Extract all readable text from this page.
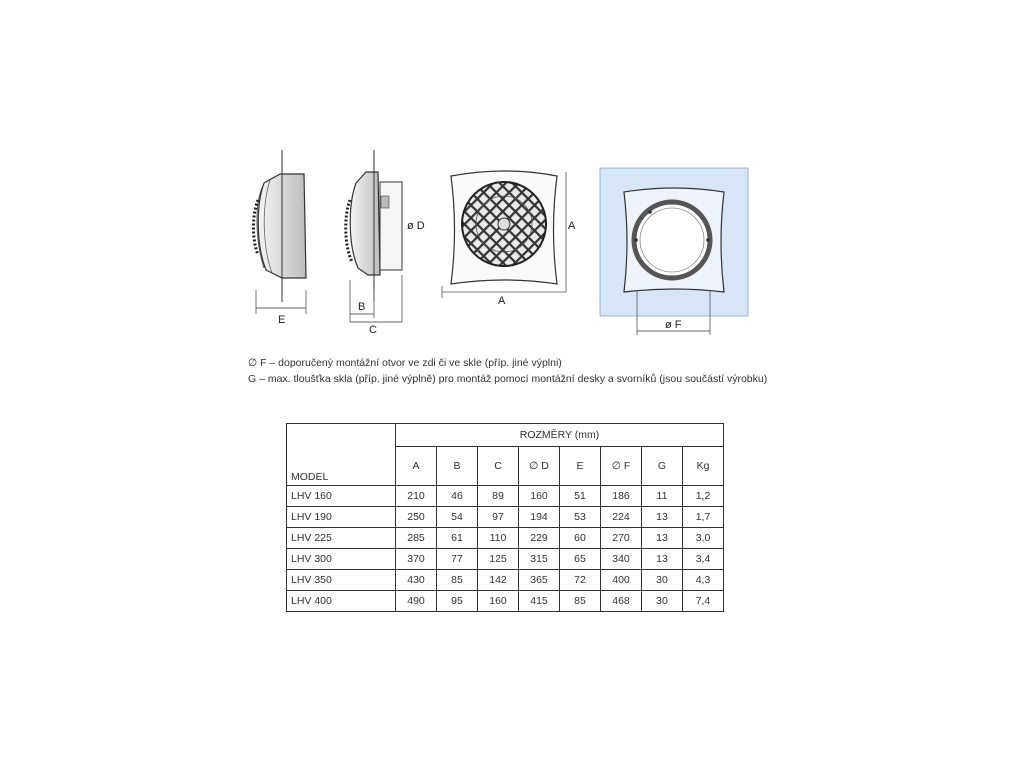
E
ø D
B
C
A
A
ø F
∅ F – doporučený montážní otvor ve zdi či ve skle (příp. jiné výplni)
G – max. tloušťka skla (příp. jiné výplně) pro montáž pomocí montážní desky a svorníků (jsou součástí výrobku)
MODEL	ROZMĚRY (mm)							
	A	B	C	∅ D	E	∅ F	G	Kg
LHV 160	210	46	89	160	51	186	11	1,2
LHV 190	250	54	97	194	53	224	13	1,7
LHV 225	285	61	110	229	60	270	13	3,0
LHV 300	370	77	125	315	65	340	13	3,4
LHV 350	430	85	142	365	72	400	30	4,3
LHV 400	490	95	160	415	85	468	30	7,4
